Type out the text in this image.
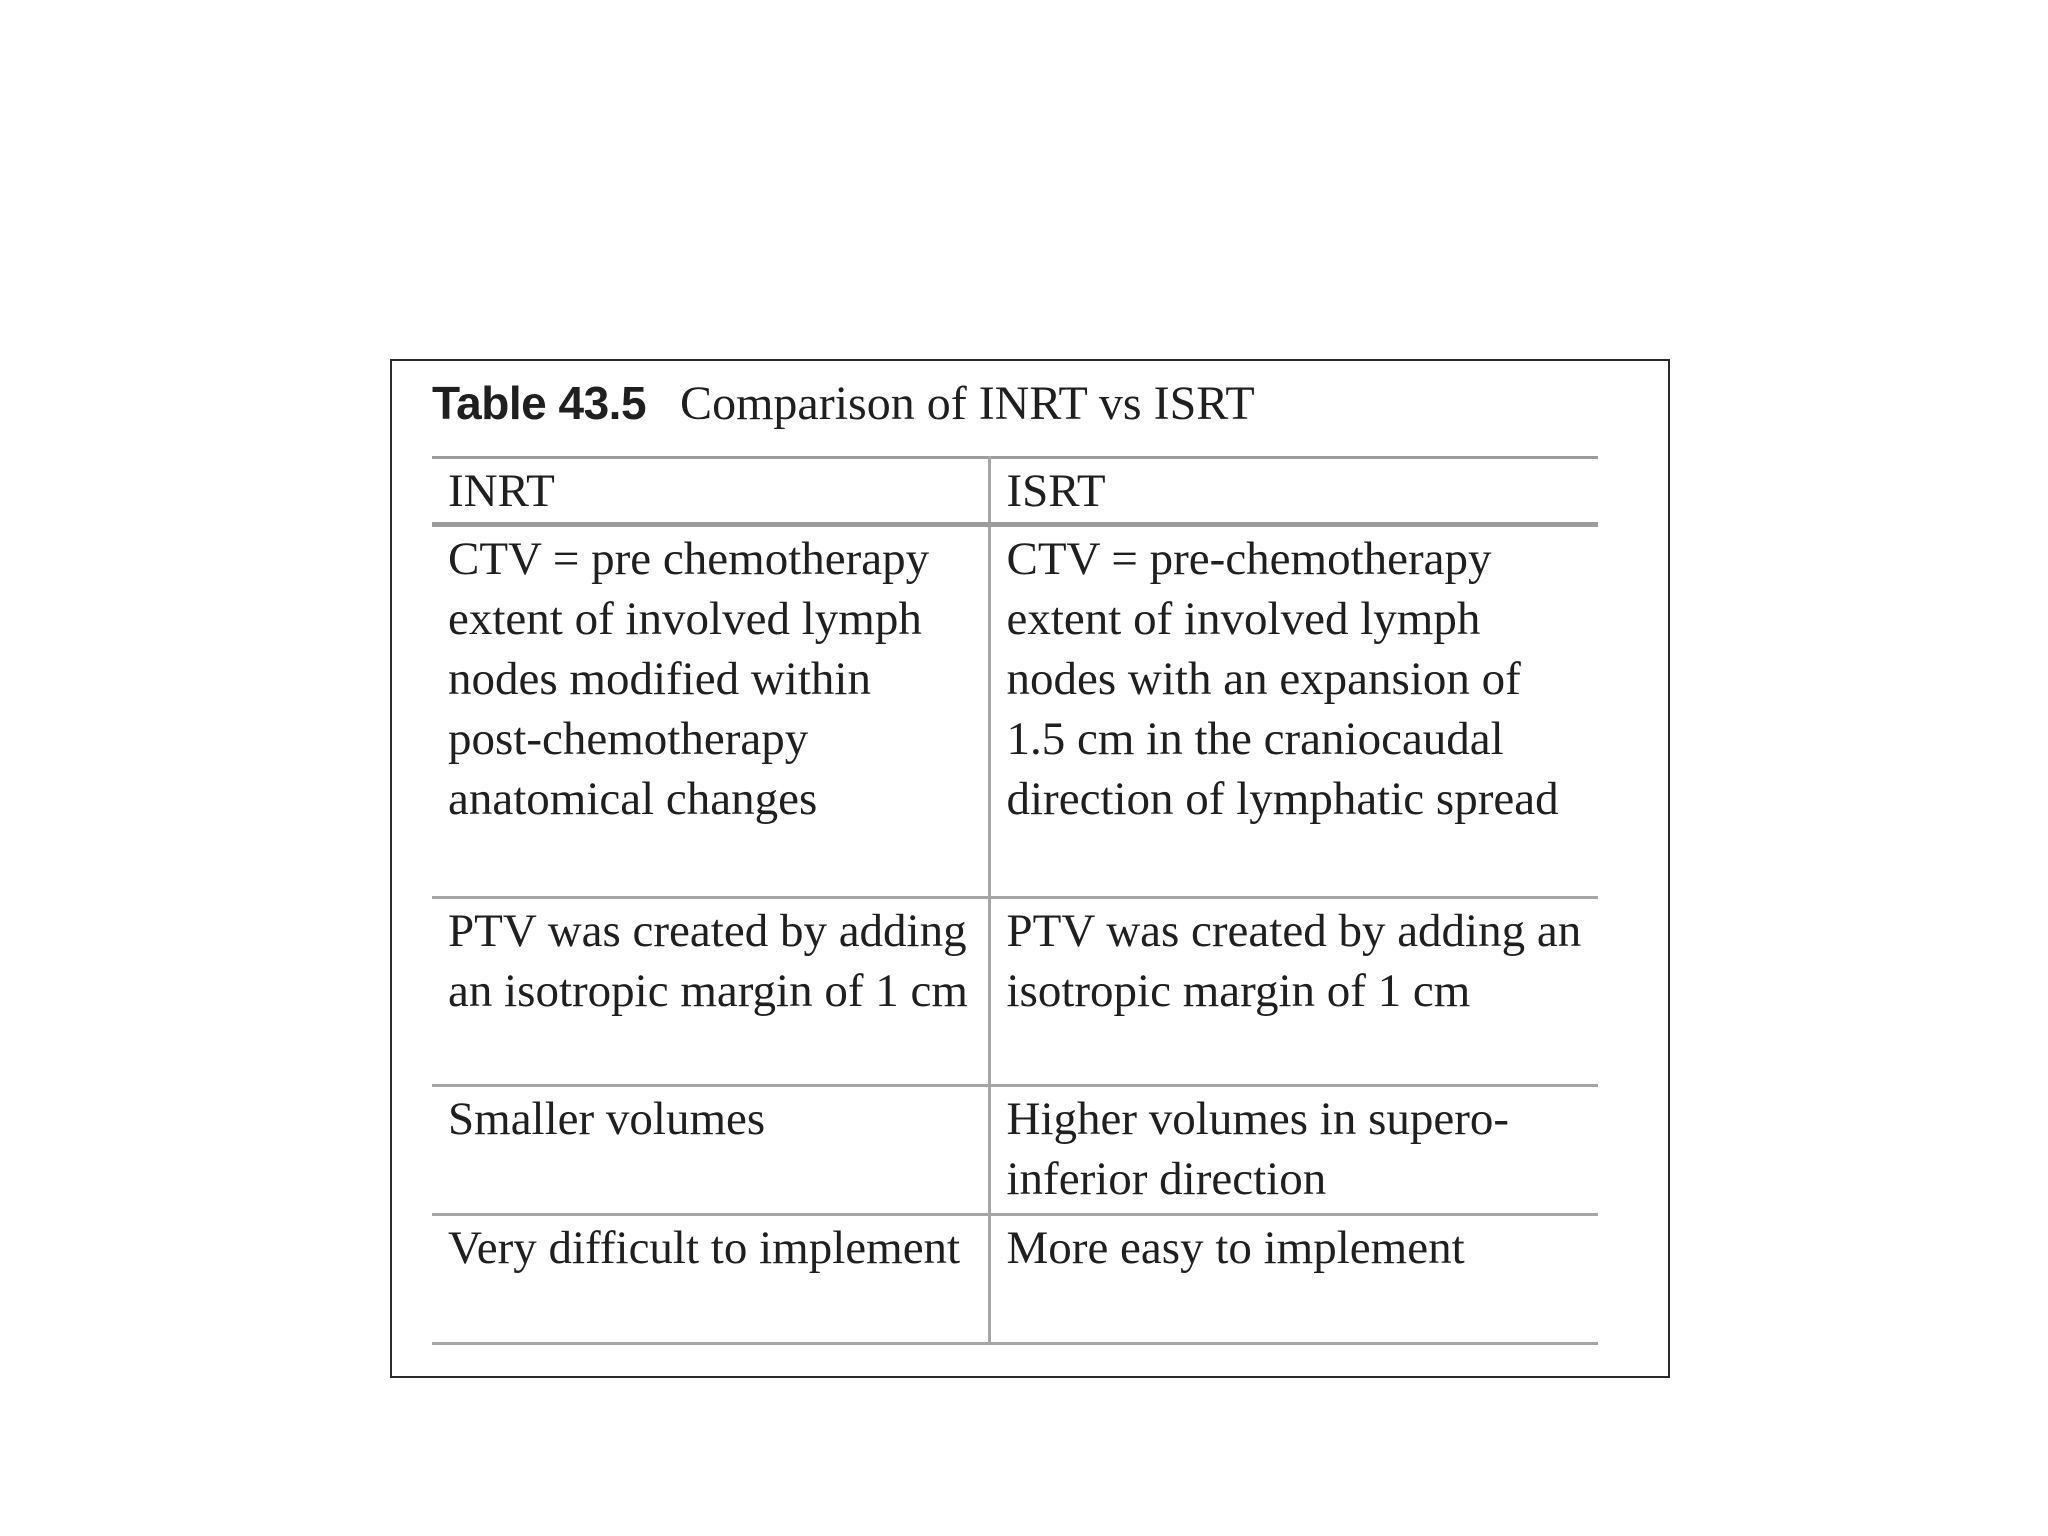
Table 43.5 Comparison of INRT vs ISRT
INRT	ISRT
CTV = pre chemotherapy extent of involved lymph nodes modified within post-chemotherapy anatomical changes	CTV = pre-chemotherapy extent of involved lymph nodes with an expansion of 1.5 cm in the craniocaudal direction of lymphatic spread
PTV was created by adding an isotropic margin of 1 cm	PTV was created by adding an isotropic margin of 1 cm
Smaller volumes	Higher volumes in supero-inferior direction
Very difficult to implement	More easy to implement
